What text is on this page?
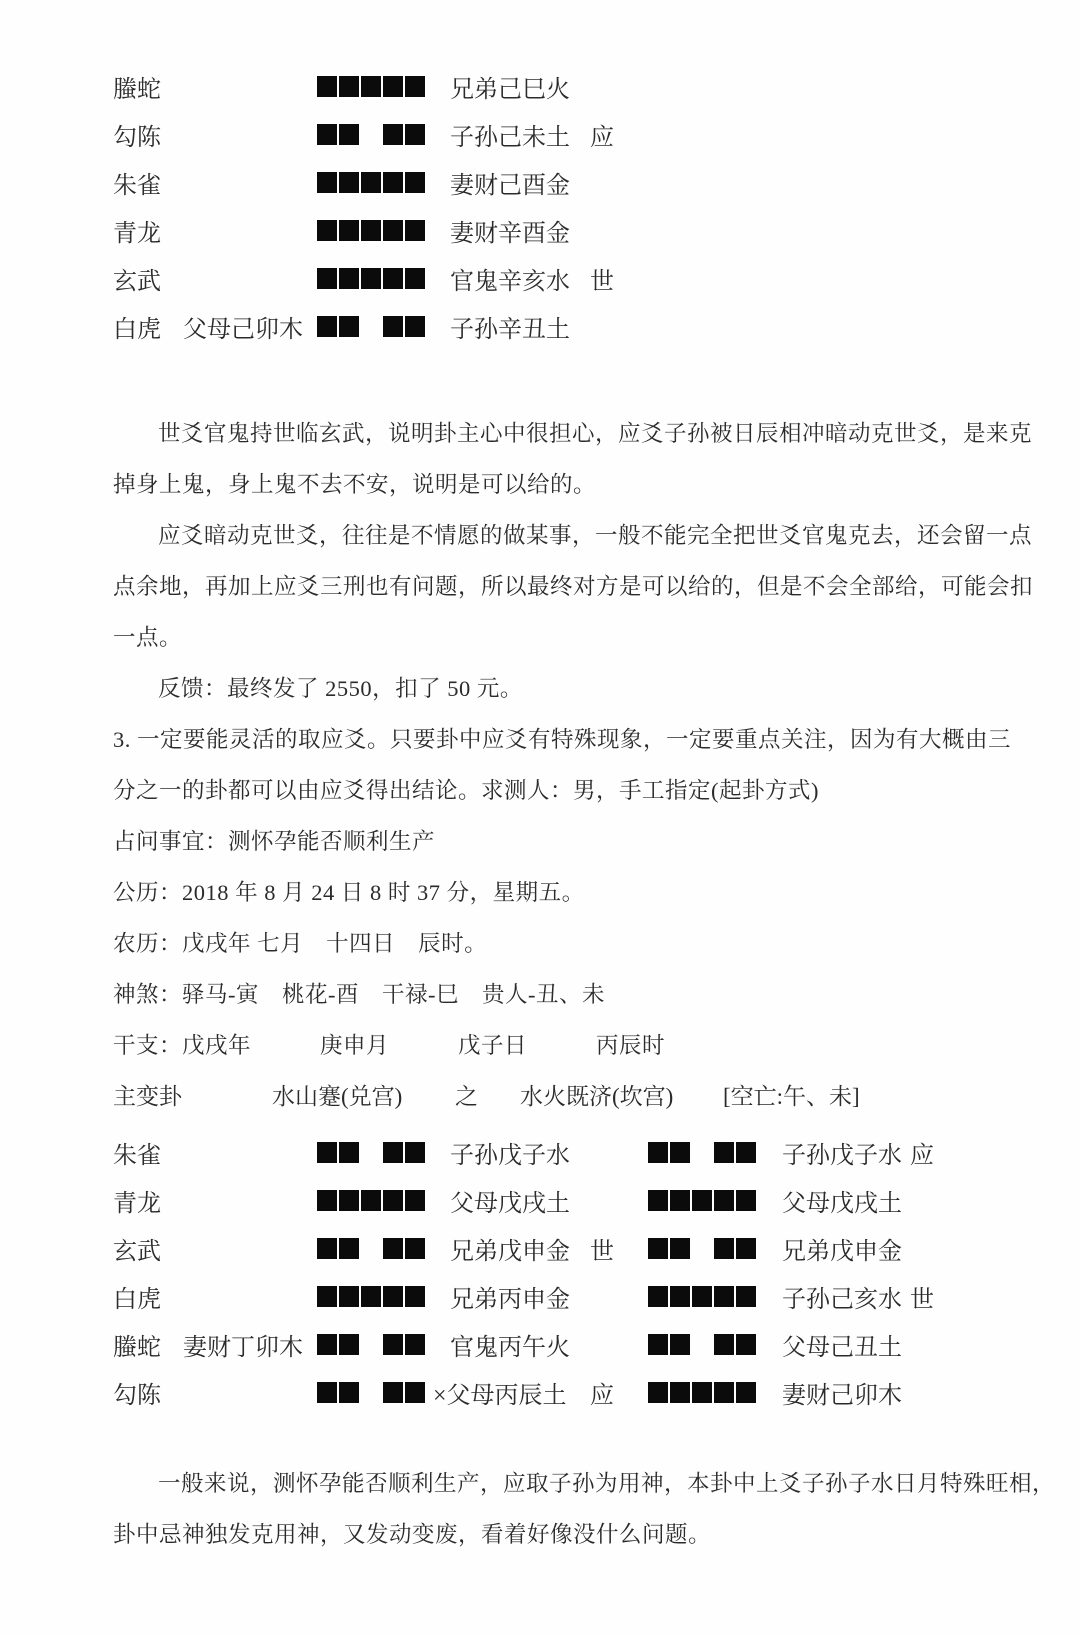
螣蛇	兄弟己巳火
勾陈	子孙己未土 应
朱雀	妻财己酉金
青龙	妻财辛酉金
玄武	官鬼辛亥水 世
白虎 父母己卯木	子孙辛丑土
世爻官鬼持世临玄武，说明卦主心中很担心，应爻子孙被日辰相冲暗动克世爻，是来克
掉身上鬼，身上鬼不去不安，说明是可以给的。
应爻暗动克世爻，往往是不情愿的做某事，一般不能完全把世爻官鬼克去，还会留一点
点余地，再加上应爻三刑也有问题，所以最终对方是可以给的，但是不会全部给，可能会扣
一点。
反馈：最终发了 2550，扣了 50 元。
3. 一定要能灵活的取应爻。只要卦中应爻有特殊现象，一定要重点关注，因为有大概由三
分之一的卦都可以由应爻得出结论。求测人：男，手工指定(起卦方式)
占问事宜：测怀孕能否顺利生产
公历：2018 年 8 月 24 日 8 时 37 分，星期五。
农历：戊戌年 七月　十四日　辰时。
神煞：驿马-寅　桃花-酉　干禄-巳　贵人-丑、未
干支：戊戌年　　　庚申月　　　戊子日　　　丙辰时
主变卦	水山蹇(兑宫)	之	水火既济(坎宫)	[空亡:午、未]
朱雀	子孙戊子水	子孙戊子水 应
青龙	父母戊戌土	父母戊戌土
玄武	兄弟戊申金 世	兄弟戊申金
白虎	兄弟丙申金	子孙己亥水 世
螣蛇 妻财丁卯木	官鬼丙午火	父母己丑土
勾陈	×父母丙辰土 应	妻财己卯木
一般来说，测怀孕能否顺利生产，应取子孙为用神，本卦中上爻子孙子水日月特殊旺相，
卦中忌神独发克用神，又发动变废，看着好像没什么问题。
